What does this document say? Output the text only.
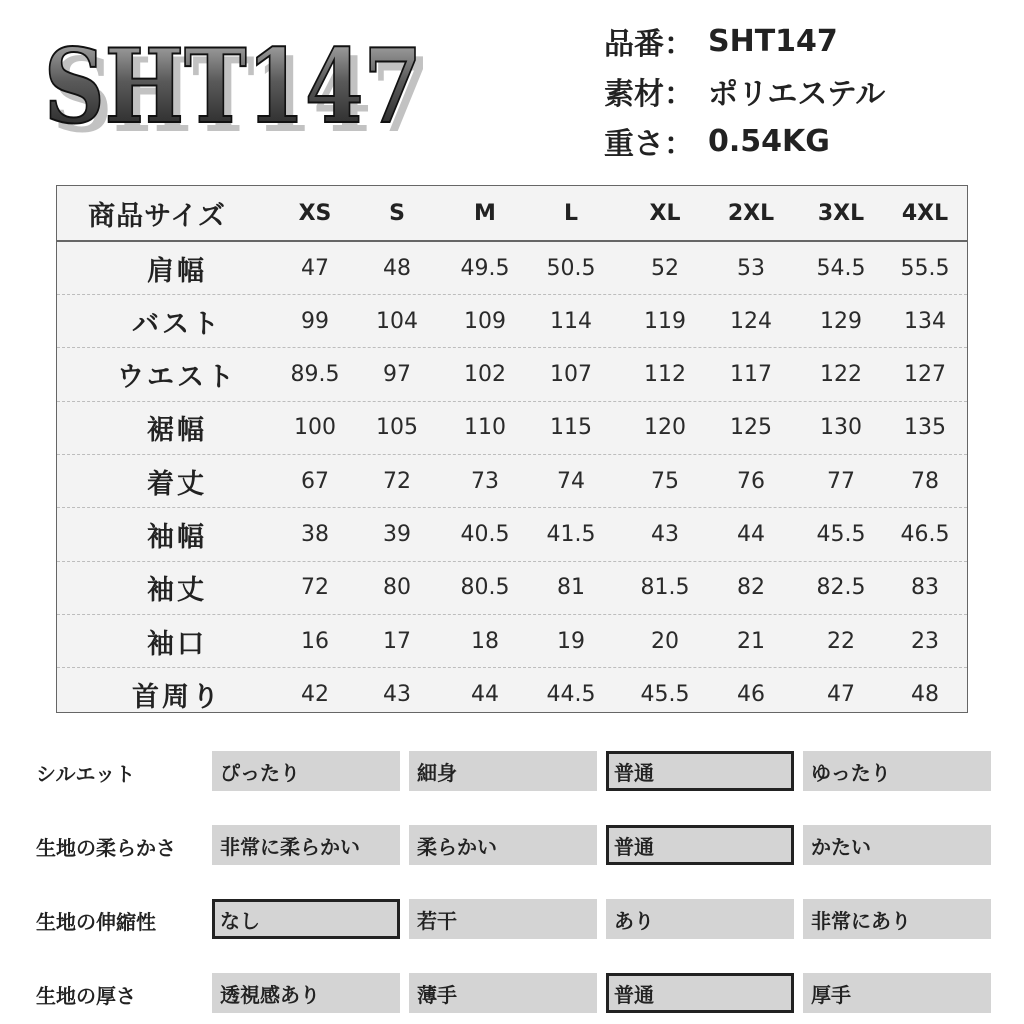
SHT147
SHT147	品番： SHT147
素材： ポリエステル
重さ： 0.54KG
商品サイズ	XS	S	M	L	XL	2XL	3XL	4XL
肩幅	47	48	49.5	50.5	52	53	54.5	55.5
バスト	99	104	109	114	119	124	129	134
ウエスト	89.5	97	102	107	112	117	122	127
裾幅	100	105	110	115	120	125	130	135
着丈	67	72	73	74	75	76	77	78
袖幅	38	39	40.5	41.5	43	44	45.5	46.5
袖丈	72	80	80.5	81	81.5	82	82.5	83
袖口	16	17	18	19	20	21	22	23
首周り	42	43	44	44.5	45.5	46	47	48
シルエット	ぴったり	細身	普通	ゆったり
生地の柔らかさ	非常に柔らかい	柔らかい	普通	かたい
生地の伸縮性	なし	若干	あり	非常にあり
生地の厚さ	透視感あり	薄手	普通	厚手
